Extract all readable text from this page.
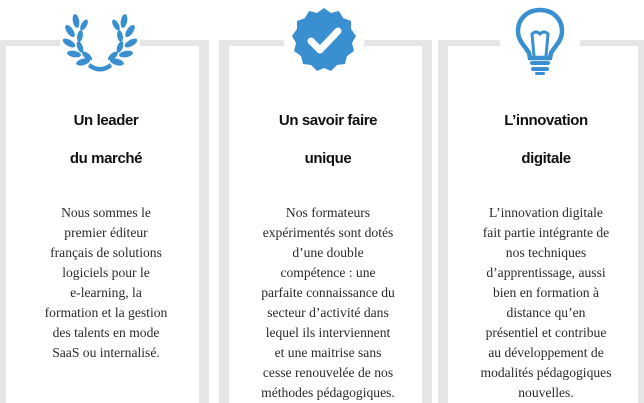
Un leader

du marché

Nous sommes le
premier éditeur
français de solutions
logiciels pour le
e-learning, la
formation et la gestion
des talents en mode
SaaS ou internalisé.

Un savoir faire

unique

Nos formateurs
expérimentés sont dotés
d’une double
compétence : une
parfaite connaissance du
secteur d’activité dans
lequel ils interviennent
et une maitrise sans
cesse renouvelée de nos
méthodes pédagogiques.

L’innovation

digitale

L’innovation digitale
fait partie intégrante de
nos techniques
d’apprentissage, aussi
bien en formation à
distance qu’en
présentiel et contribue
au développement de
modalités pédagogiques
nouvelles.
